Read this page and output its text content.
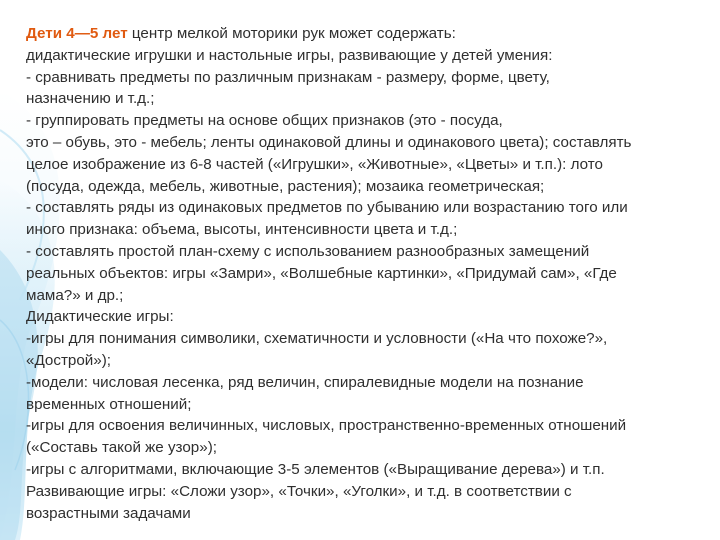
Дети 4—5 лет центр мелкой моторики рук может содержать:
дидактические игрушки и настольные игры, развивающие у детей умения:
- сравнивать предметы по различным признакам - размеру, форме, цвету,
назначению и т.д.;
- группировать предметы на основе общих признаков (это - посуда,
это – обувь, это - мебель; ленты одинаковой длины и одинакового цвета); составлять
целое изображение из 6-8 частей («Игрушки», «Животные», «Цветы» и т.п.): лото
(посуда, одежда, мебель, животные, растения); мозаика геометрическая;
- составлять ряды из одинаковых предметов по убыванию или возрастанию того или
иного признака: объема, высоты, интенсивности цвета и т.д.;
- составлять простой план-схему с использованием разнообразных замещений
реальных объектов: игры «Замри», «Волшебные картинки», «Придумай сам», «Где
мама?» и др.;
Дидактические игры:
-игры для понимания символики, схематичности и условности («На что похоже?»,
«Дострой»);
-модели: числовая лесенка, ряд величин, спиралевидные модели на познание
временных отношений;
-игры для освоения величинных, числовых, пространственно-временных отношений
(«Составь такой же узор»);
-игры с алгоритмами, включающие 3-5 элементов («Выращивание дерева») и т.п.
Развивающие игры: «Сложи узор», «Точки», «Уголки», и т.д. в соответствии с
возрастными задачами
